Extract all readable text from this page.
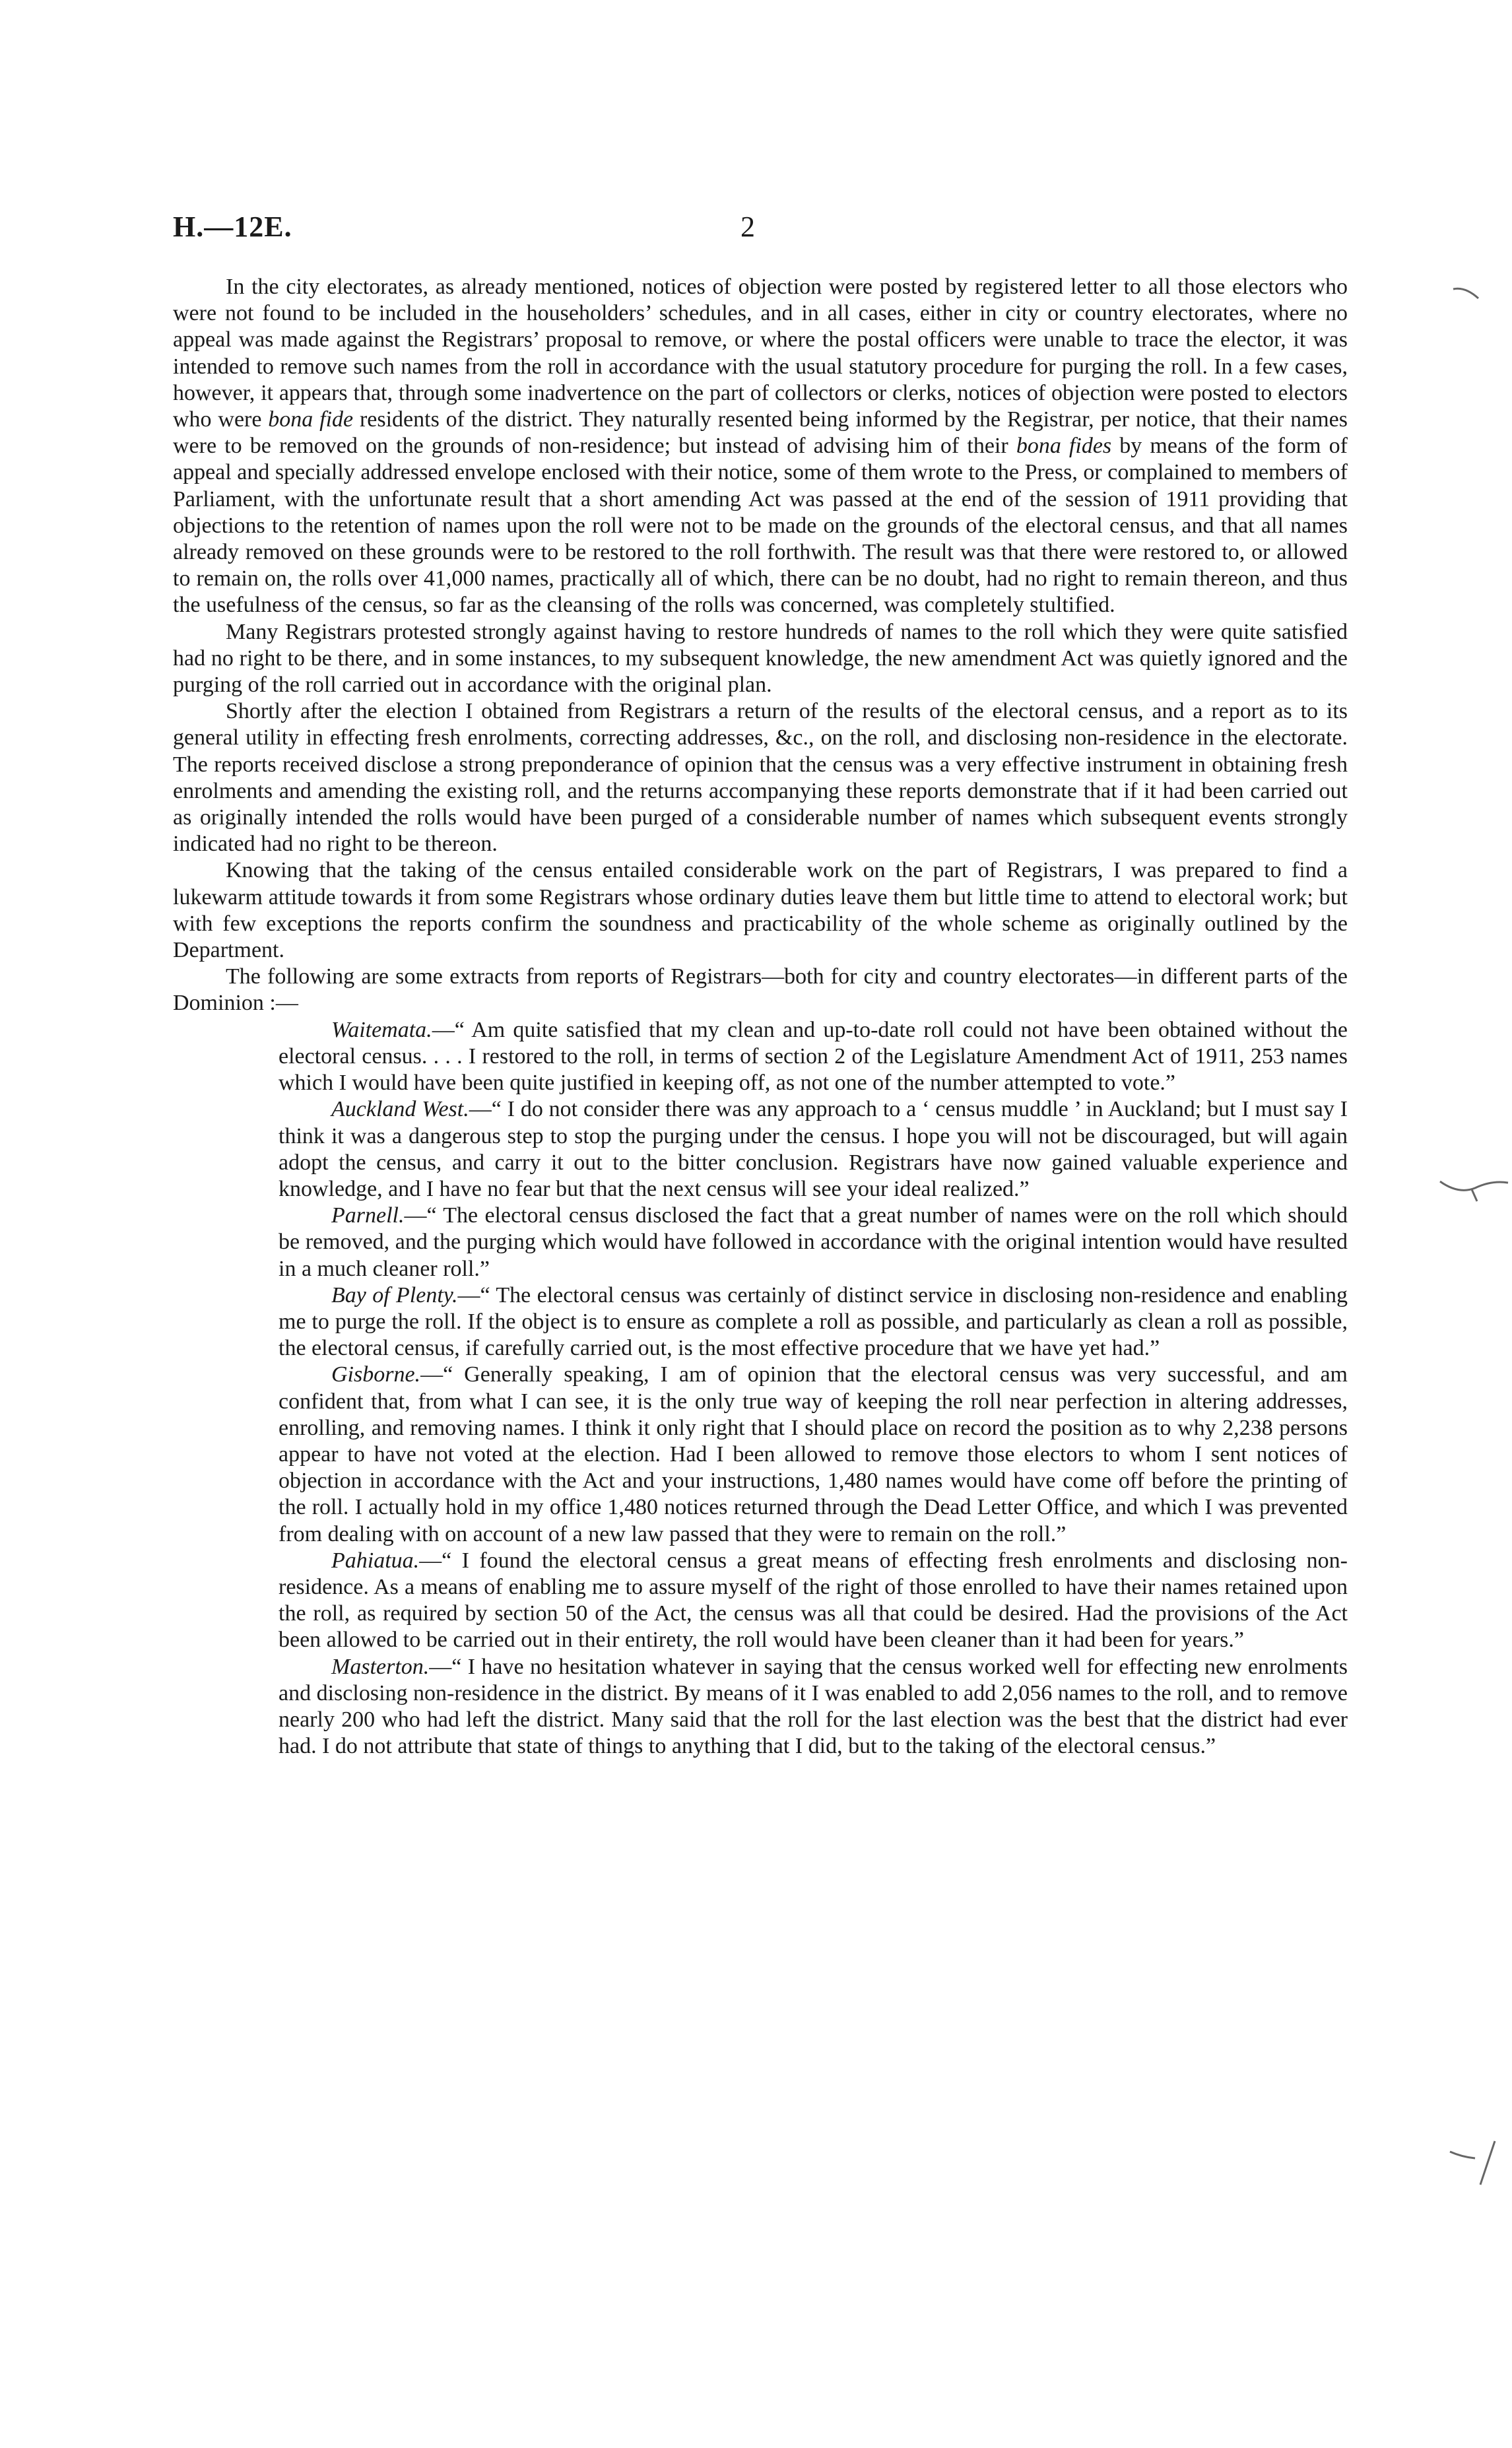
H.—12E.	2

In the city electorates, as already mentioned, notices of objection were posted by registered letter to all those electors who were not found to be included in the householders’ schedules, and in all cases, either in city or country electorates, where no appeal was made against the Registrars’ proposal to remove, or where the postal officers were unable to trace the elector, it was intended to remove such names from the roll in accordance with the usual statutory procedure for purging the roll. In a few cases, however, it appears that, through some inadvertence on the part of collectors or clerks, notices of objection were posted to electors who were bona fide residents of the district. They naturally resented being informed by the Registrar, per notice, that their names were to be removed on the grounds of non-residence; but instead of advising him of their bona fides by means of the form of appeal and specially addressed envelope enclosed with their notice, some of them wrote to the Press, or complained to members of Parliament, with the unfortunate result that a short amending Act was passed at the end of the session of 1911 providing that objections to the retention of names upon the roll were not to be made on the grounds of the electoral census, and that all names already removed on these grounds were to be restored to the roll forthwith. The result was that there were restored to, or allowed to remain on, the rolls over 41,000 names, practically all of which, there can be no doubt, had no right to remain thereon, and thus the usefulness of the census, so far as the cleansing of the rolls was concerned, was completely stultified.

Many Registrars protested strongly against having to restore hundreds of names to the roll which they were quite satisfied had no right to be there, and in some instances, to my subsequent knowledge, the new amendment Act was quietly ignored and the purging of the roll carried out in accordance with the original plan.

Shortly after the election I obtained from Registrars a return of the results of the electoral census, and a report as to its general utility in effecting fresh enrolments, correcting addresses, &c., on the roll, and disclosing non-residence in the electorate. The reports received disclose a strong preponderance of opinion that the census was a very effective instrument in obtaining fresh enrolments and amending the existing roll, and the returns accompanying these reports demonstrate that if it had been carried out as originally intended the rolls would have been purged of a considerable number of names which subsequent events strongly indicated had no right to be thereon.

Knowing that the taking of the census entailed considerable work on the part of Registrars, I was prepared to find a lukewarm attitude towards it from some Registrars whose ordinary duties leave them but little time to attend to electoral work; but with few exceptions the reports confirm the soundness and practicability of the whole scheme as originally outlined by the Department.

The following are some extracts from reports of Registrars—both for city and country electorates—in different parts of the Dominion :—

Waitemata.—“ Am quite satisfied that my clean and up-to-date roll could not have been obtained without the electoral census. . . . I restored to the roll, in terms of section 2 of the Legislature Amendment Act of 1911, 253 names which I would have been quite justified in keeping off, as not one of the number attempted to vote.”

Auckland West.—“ I do not consider there was any approach to a ‘ census muddle ’ in Auckland; but I must say I think it was a dangerous step to stop the purging under the census. I hope you will not be discouraged, but will again adopt the census, and carry it out to the bitter conclusion. Registrars have now gained valuable experience and knowledge, and I have no fear but that the next census will see your ideal realized.”

Parnell.—“ The electoral census disclosed the fact that a great number of names were on the roll which should be removed, and the purging which would have followed in accordance with the original intention would have resulted in a much cleaner roll.”

Bay of Plenty.—“ The electoral census was certainly of distinct service in disclosing non-residence and enabling me to purge the roll. If the object is to ensure as complete a roll as possible, and particularly as clean a roll as possible, the electoral census, if carefully carried out, is the most effective procedure that we have yet had.”

Gisborne.—“ Generally speaking, I am of opinion that the electoral census was very successful, and am confident that, from what I can see, it is the only true way of keeping the roll near perfection in altering addresses, enrolling, and removing names. I think it only right that I should place on record the position as to why 2,238 persons appear to have not voted at the election. Had I been allowed to remove those electors to whom I sent notices of objection in accordance with the Act and your instructions, 1,480 names would have come off before the printing of the roll. I actually hold in my office 1,480 notices returned through the Dead Letter Office, and which I was prevented from dealing with on account of a new law passed that they were to remain on the roll.”

Pahiatua.—“ I found the electoral census a great means of effecting fresh enrolments and disclosing non-residence. As a means of enabling me to assure myself of the right of those enrolled to have their names retained upon the roll, as required by section 50 of the Act, the census was all that could be desired. Had the provisions of the Act been allowed to be carried out in their entirety, the roll would have been cleaner than it had been for years.”

Masterton.—“ I have no hesitation whatever in saying that the census worked well for effecting new enrolments and disclosing non-residence in the district. By means of it I was enabled to add 2,056 names to the roll, and to remove nearly 200 who had left the district. Many said that the roll for the last election was the best that the district had ever had. I do not attribute that state of things to anything that I did, but to the taking of the electoral census.”
